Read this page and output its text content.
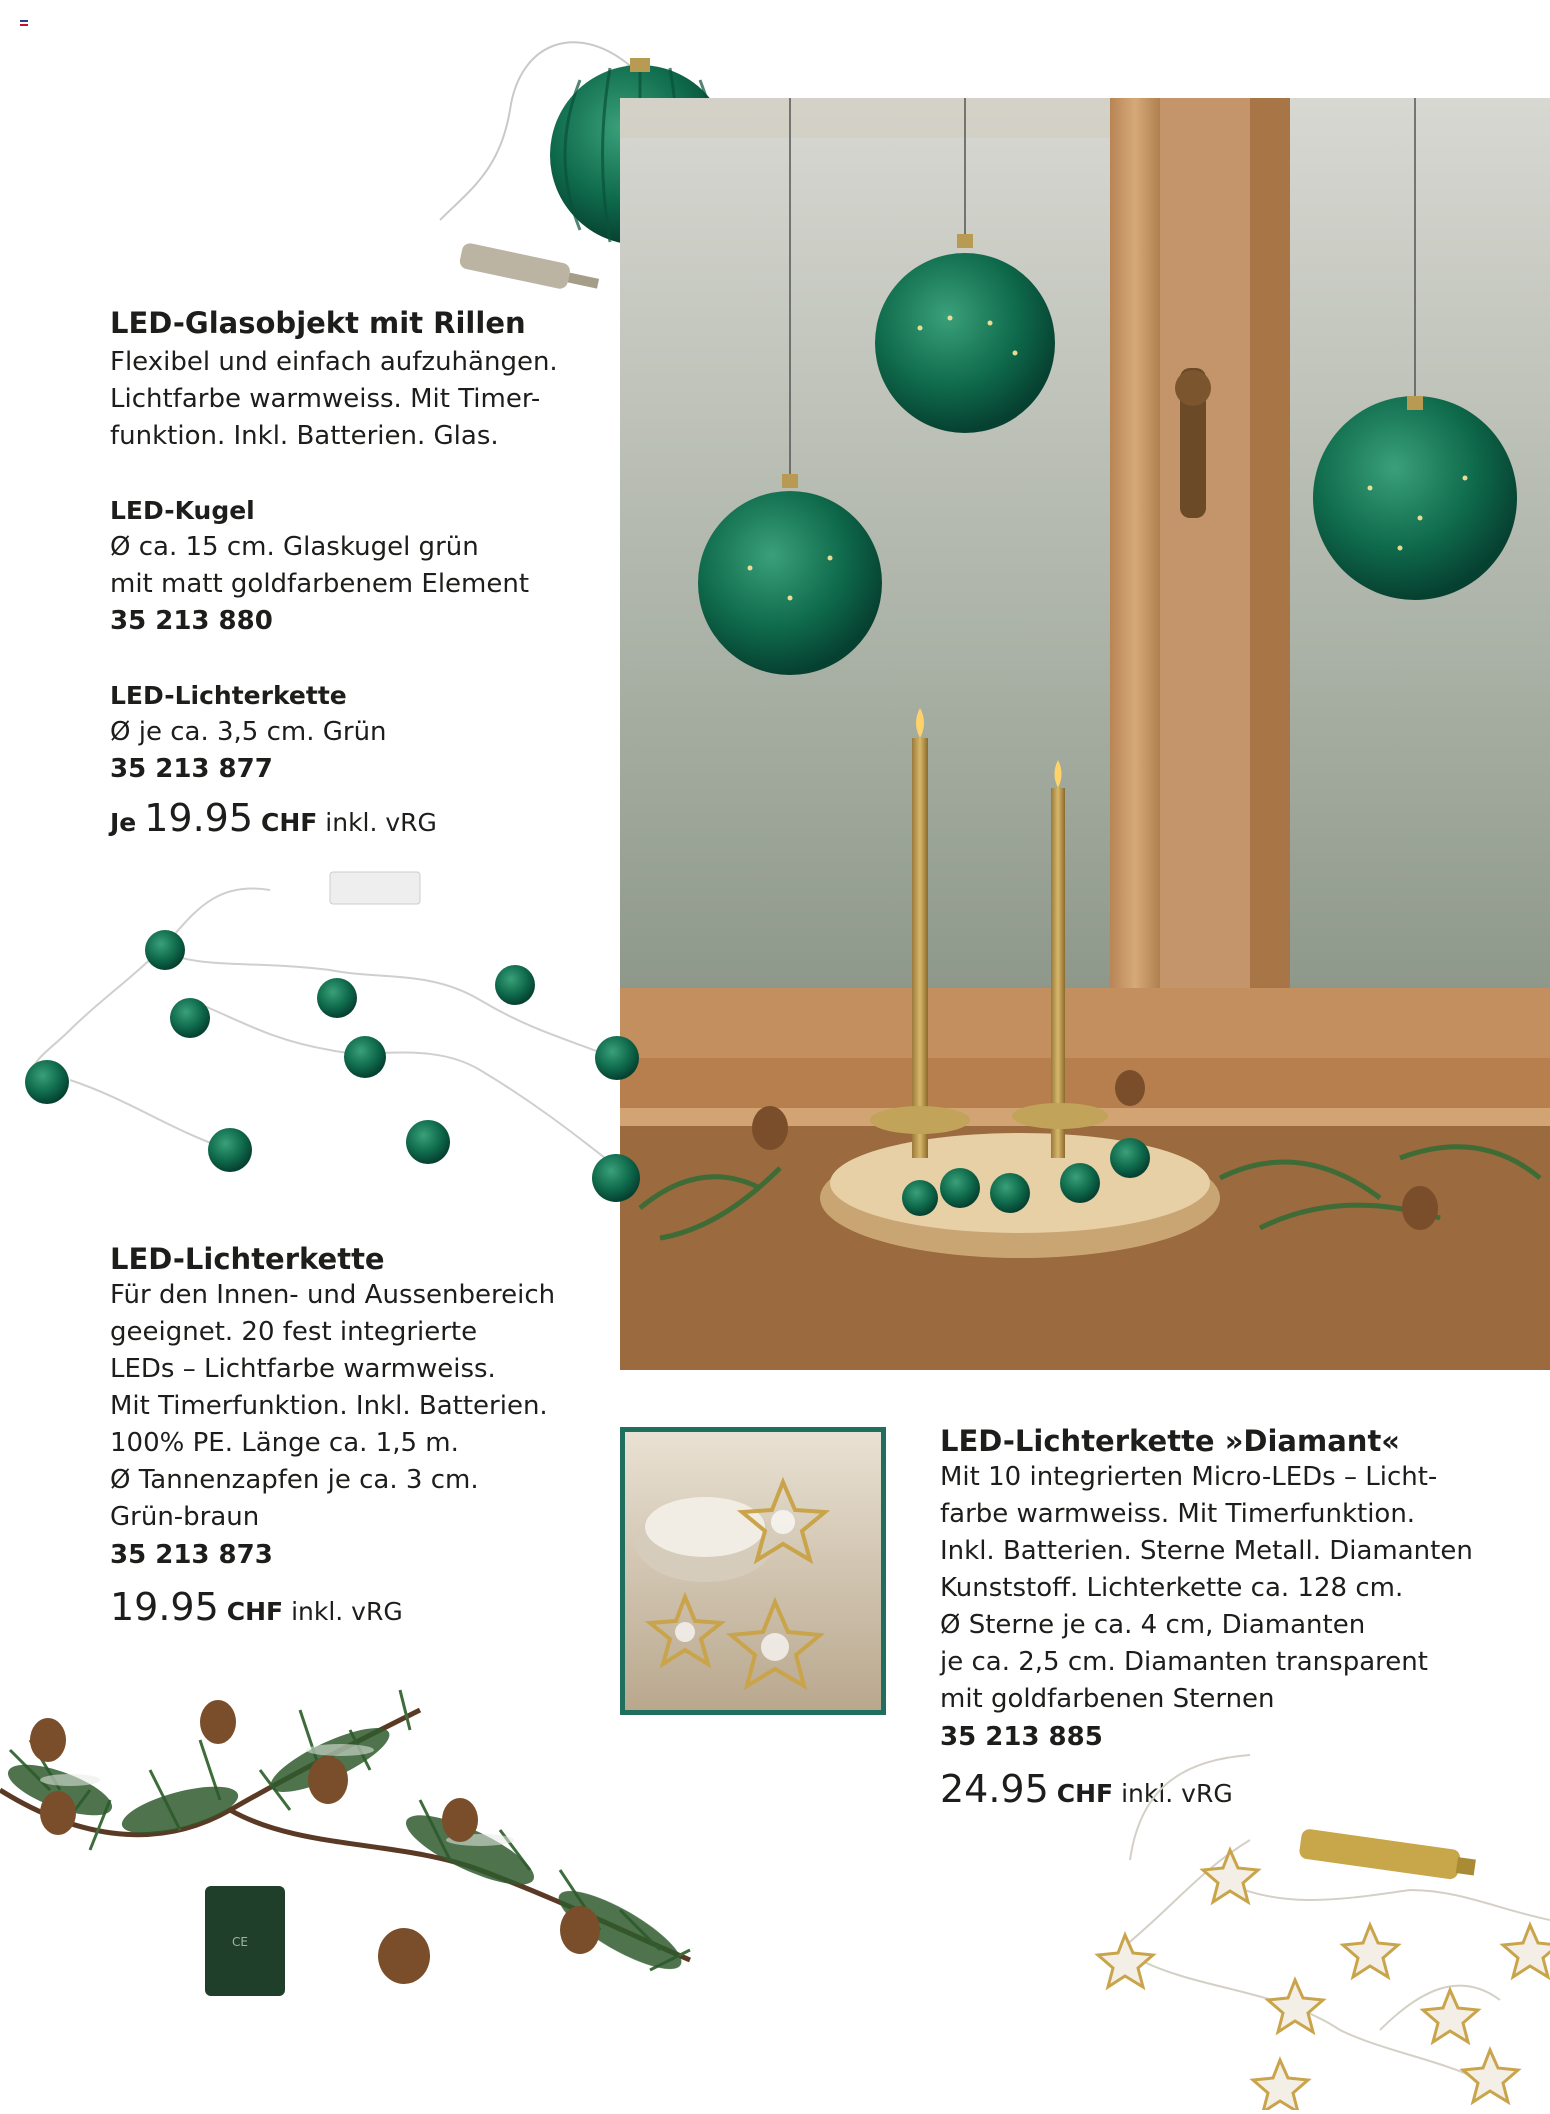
LED-Glasobjekt mit Rillen
Flexibel und einfach aufzuhängen.
Lichtfarbe warmweiss. Mit Timer-
funktion. Inkl. Batterien. Glas.
LED-Kugel
Ø ca. 15 cm. Glaskugel grün
mit matt goldfarbenem Element
35 213 880
LED-Lichterkette
Ø je ca. 3,5 cm. Grün
35 213 877
Je 19.95 CHF inkl. vRG
LED-Lichterkette
Für den Innen- und Aussenbereich
geeignet. 20 fest integrierte
LEDs – Lichtfarbe warmweiss.
Mit Timerfunktion. Inkl. Batterien.
100% PE. Länge ca. 1,5 m.
Ø Tannenzapfen je ca. 3 cm.
Grün-braun
35 213 873
19.95 CHF inkl. vRG
CE
LED-Lichterkette »Diamant«
Mit 10 integrierten Micro-LEDs – Licht-
farbe warmweiss. Mit Timerfunktion.
Inkl. Batterien. Sterne Metall. Diamanten
Kunststoff. Lichterkette ca. 128 cm.
Ø Sterne je ca. 4 cm, Diamanten
je ca. 2,5 cm. Diamanten transparent
mit goldfarbenen Sternen
35 213 885
24.95 CHF inkl. vRG
